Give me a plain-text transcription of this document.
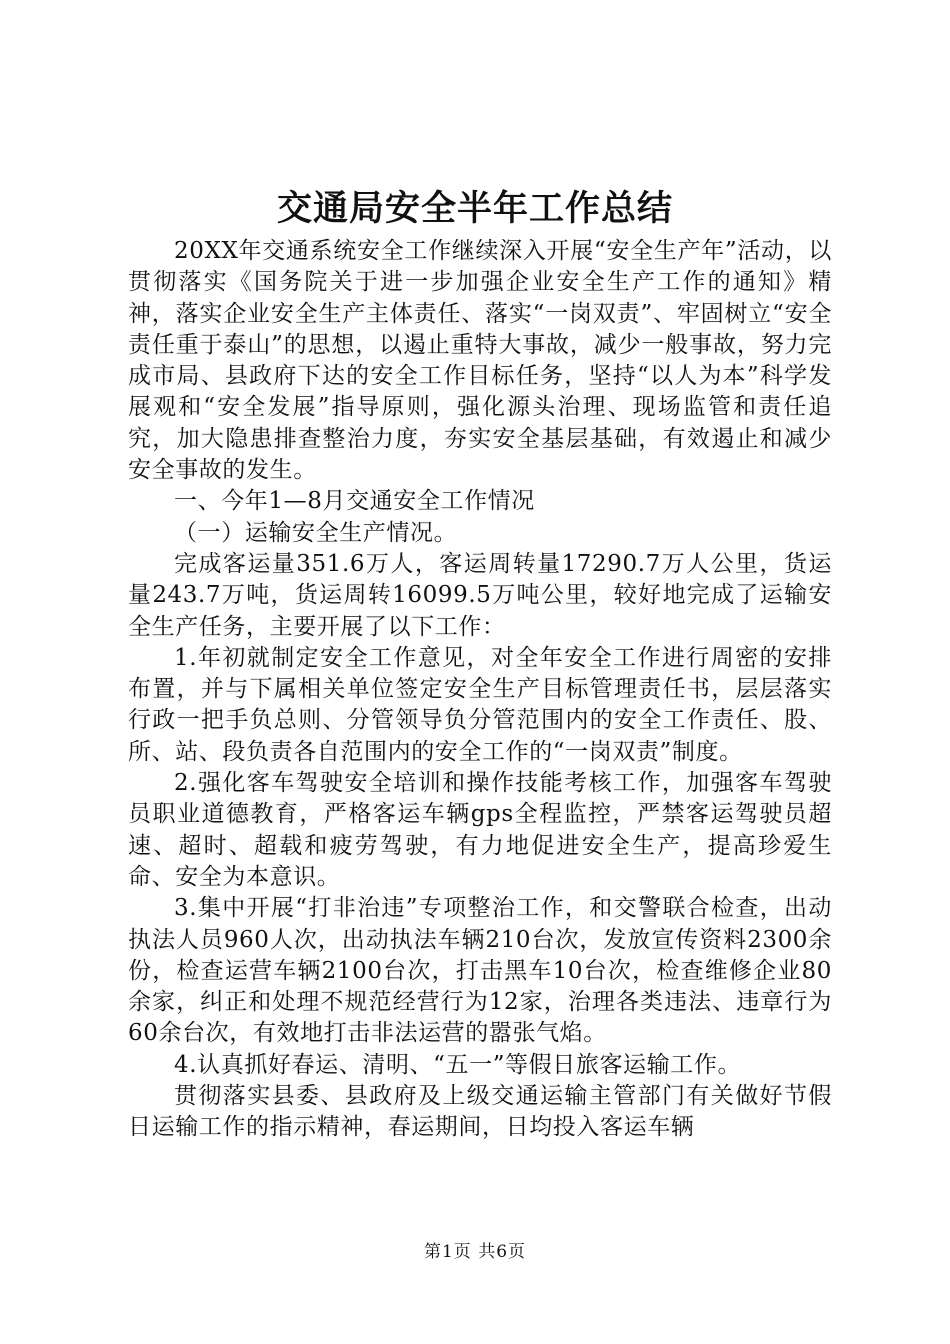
交通局安全半年工作总结

20XX年交通系统安全工作继续深入开展“安全生产年”活动，以贯彻落实《国务院关于进一步加强企业安全生产工作的通知》精神，落实企业安全生产主体责任、落实“一岗双责”、牢固树立“安全责任重于泰山”的思想，以遏止重特大事故，减少一般事故，努力完成市局、县政府下达的安全工作目标任务，坚持“以人为本”科学发展观和“安全发展”指导原则，强化源头治理、现场监管和责任追究，加大隐患排查整治力度，夯实安全基层基础，有效遏止和减少安全事故的发生。

一、今年1—8月交通安全工作情况

（一）运输安全生产情况。

完成客运量351.6万人，客运周转量17290.7万人公里，货运量243.7万吨，货运周转16099.5万吨公里，较好地完成了运输安全生产任务，主要开展了以下工作：

1.年初就制定安全工作意见，对全年安全工作进行周密的安排布置，并与下属相关单位签定安全生产目标管理责任书，层层落实行政一把手负总则、分管领导负分管范围内的安全工作责任、股、所、站、段负责各自范围内的安全工作的“一岗双责”制度。

2.强化客车驾驶安全培训和操作技能考核工作，加强客车驾驶员职业道德教育，严格客运车辆gps全程监控，严禁客运驾驶员超速、超时、超载和疲劳驾驶，有力地促进安全生产，提高珍爱生命、安全为本意识。

3.集中开展“打非治违”专项整治工作，和交警联合检查，出动执法人员960人次，出动执法车辆210台次，发放宣传资料2300余份，检查运营车辆2100台次，打击黑车10台次，检查维修企业80余家，纠正和处理不规范经营行为12家，治理各类违法、违章行为60余台次，有效地打击非法运营的嚣张气焰。

4.认真抓好春运、清明、“五一”等假日旅客运输工作。

贯彻落实县委、县政府及上级交通运输主管部门有关做好节假日运输工作的指示精神，春运期间，日均投入客运车辆

第1页 共6页
